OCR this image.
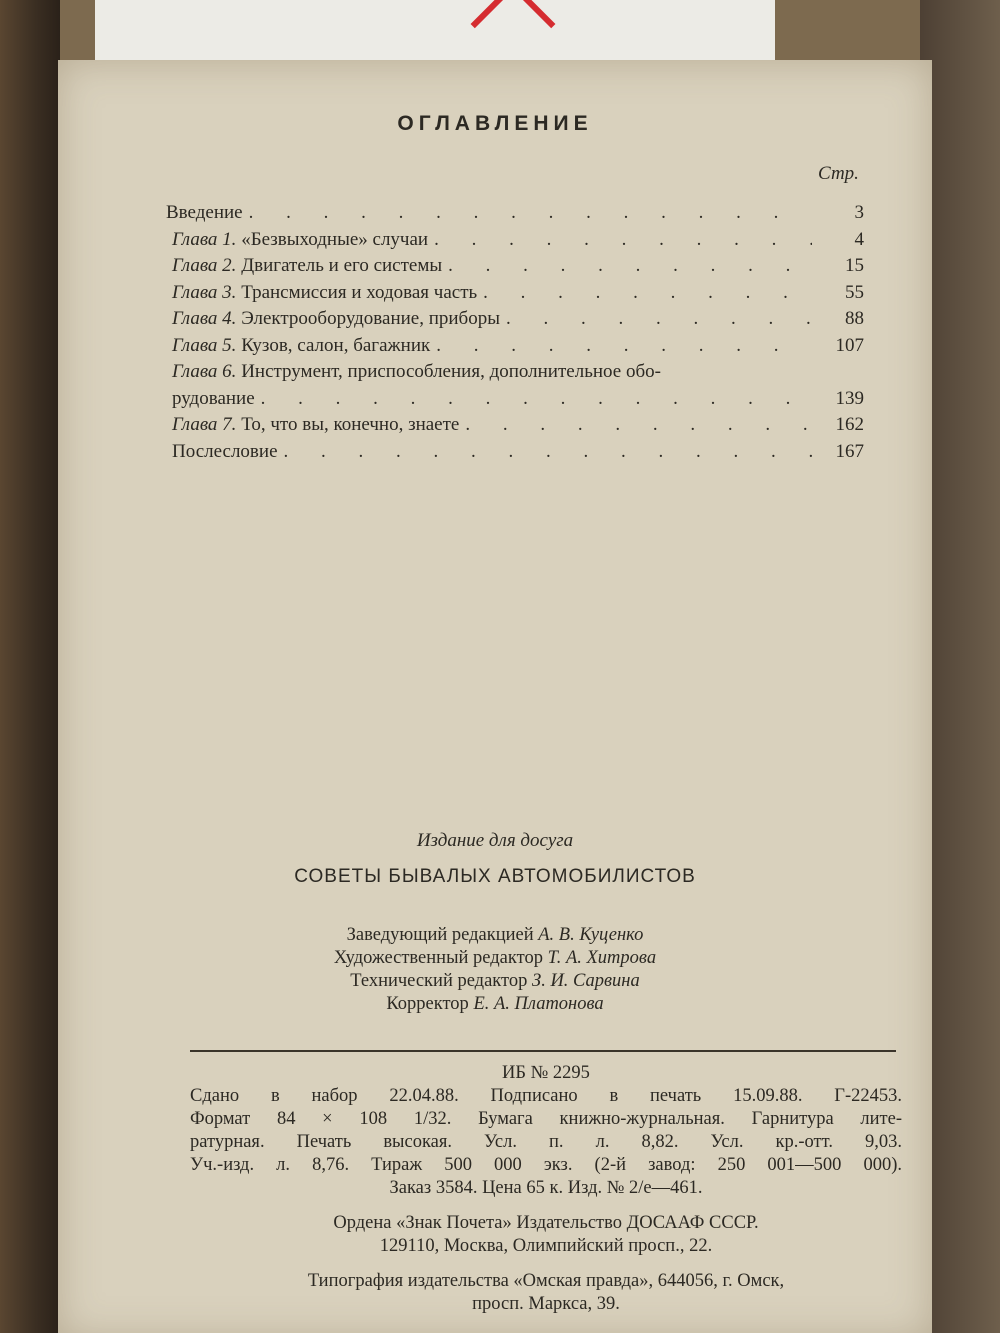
ОГЛАВЛЕНИЕ
Стр.
Введение . . .	3
Глава 1. «Безвыходные» случаи . . .	4
Глава 2. Двигатель и его системы . . .	15
Глава 3. Трансмиссия и ходовая часть . . .	55
Глава 4. Электрооборудование, приборы . . .	88
Глава 5. Кузов, салон, багажник . . .	107
Глава 6. Инструмент, приспособления, дополнительное обо-
рудование . . .	139
Глава 7. То, что вы, конечно, знаете . . .	162
Послесловие . . .	167
Издание для досуга
СОВЕТЫ БЫВАЛЫХ АВТОМОБИЛИСТОВ
Заведующий редакцией А. В. Куценко
Художественный редактор Т. А. Хитрова
Технический редактор З. И. Сарвина
Корректор Е. А. Платонова
ИБ № 2295
Сдано в набор 22.04.88. Подписано в печать 15.09.88. Г-22453.
Формат 84 × 108 1/32. Бумага книжно-журнальная. Гарнитура лите-
ратурная. Печать высокая. Усл. п. л. 8,82. Усл. кр.-отт. 9,03.
Уч.-изд. л. 8,76. Тираж 500 000 экз. (2-й завод: 250 001—500 000).
Заказ 3584. Цена 65 к. Изд. № 2/е—461.
Ордена «Знак Почета» Издательство ДОСААФ СССР.
129110, Москва, Олимпийский просп., 22.
Типография издательства «Омская правда», 644056, г. Омск,
просп. Маркса, 39.
